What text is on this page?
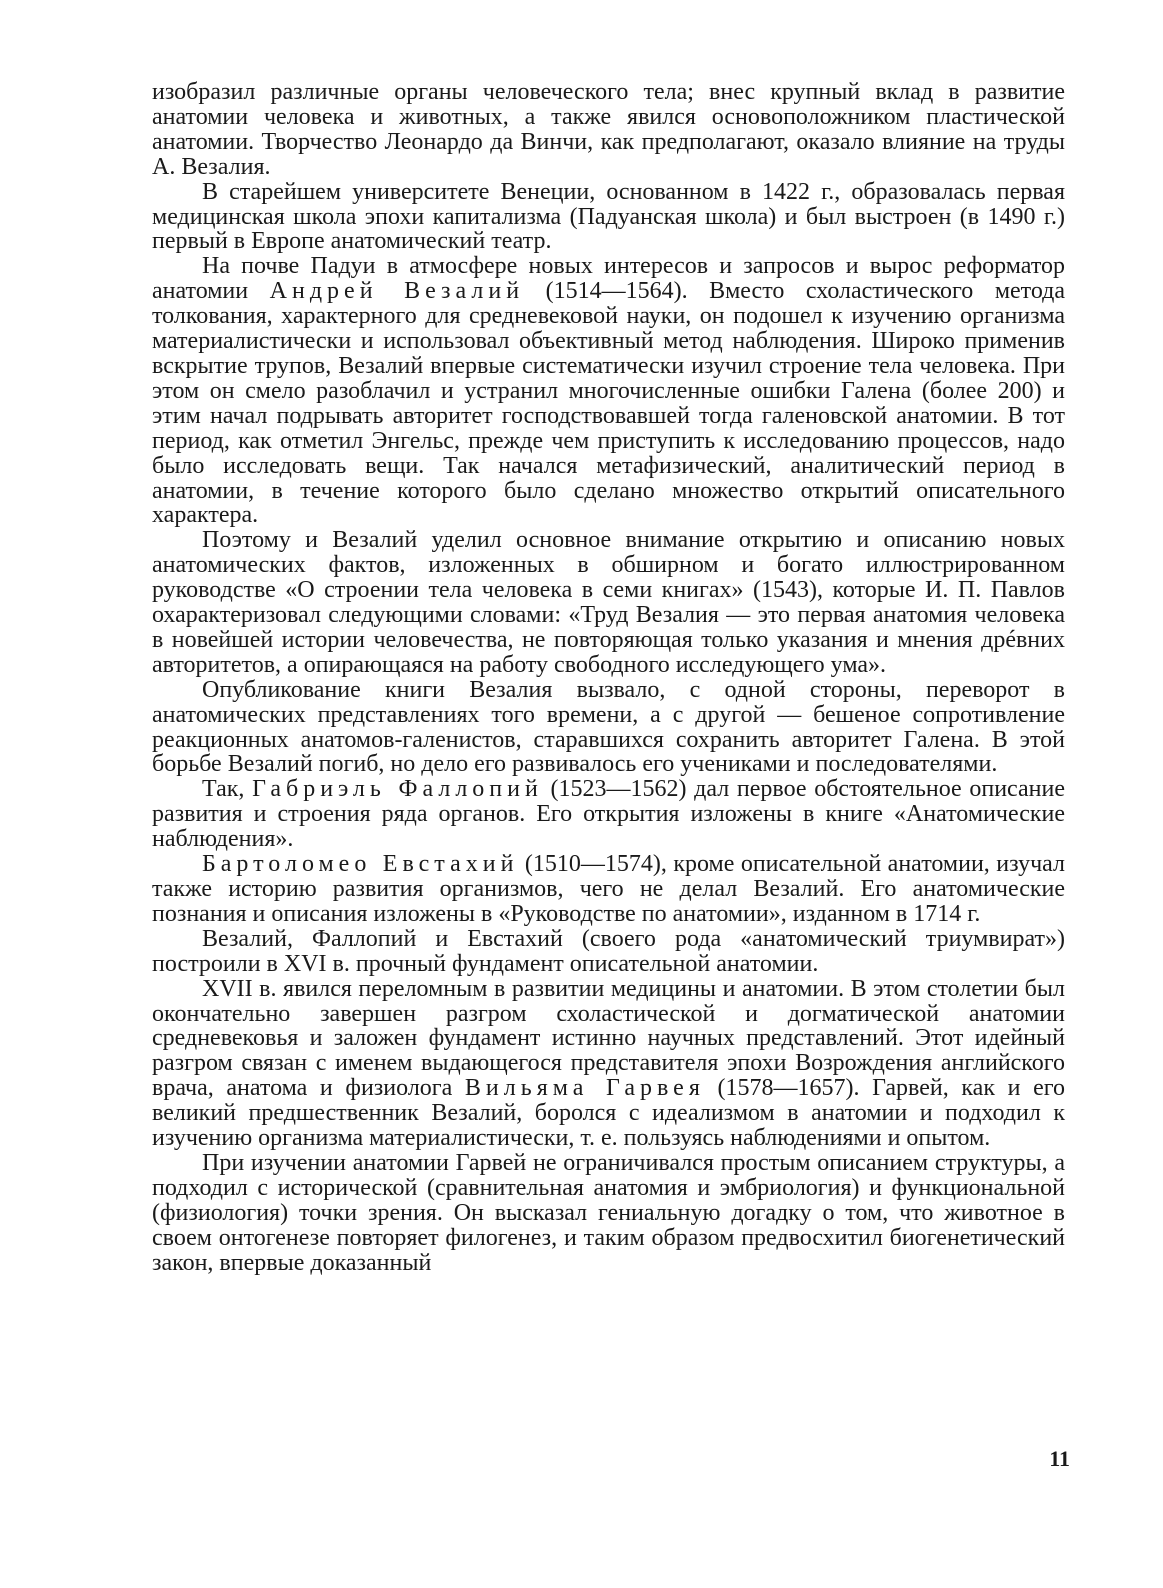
изобразил различные органы человеческого тела; внес крупный вклад в развитие анатомии человека и животных, а также явился основоположником пластической анатомии. Творчество Леонардо да Винчи, как предполагают, оказало влияние на труды А. Везалия.

В старейшем университете Венеции, основанном в 1422 г., образовалась первая медицинская школа эпохи капитализма (Падуанская школа) и был выстроен (в 1490 г.) первый в Европе анатомический театр.

На почве Падуи в атмосфере новых интересов и запросов и вырос реформатор анатомии Андрей Везалий (1514—1564). Вместо схоластического метода толкования, характерного для средневековой науки, он подошел к изучению организма материалистически и использовал объективный метод наблюдения. Широко применив вскрытие трупов, Везалий впервые систематически изучил строение тела человека. При этом он смело разоблачил и устранил многочисленные ошибки Галена (более 200) и этим начал подрывать авторитет господствовавшей тогда галеновской анатомии. В тот период, как отметил Энгельс, прежде чем приступить к исследованию процессов, надо было исследовать вещи. Так начался метафизический, аналитический период в анатомии, в течение которого было сделано множество открытий описательного характера.

Поэтому и Везалий уделил основное внимание открытию и описанию новых анатомических фактов, изложенных в обширном и богато иллюстрированном руководстве «О строении тела человека в семи книгах» (1543), которые И. П. Павлов охарактеризовал следующими словами: «Труд Везалия — это первая анатомия человека в новейшей истории человечества, не повторяющая только указания и мнения дрéвних авторитетов, а опирающаяся на работу свободного исследующего ума».

Опубликование книги Везалия вызвало, с одной стороны, переворот в анатомических представлениях того времени, а с другой — бешеное сопротивление реакционных анатомов-галенистов, старавшихся сохранить авторитет Галена. В этой борьбе Везалий погиб, но дело его развивалось его учениками и последователями.

Так, Габриэль Фаллопий (1523—1562) дал первое обстоятельное описание развития и строения ряда органов. Его открытия изложены в книге «Анатомические наблюдения».

Бартоломео Евстахий (1510—1574), кроме описательной анатомии, изучал также историю развития организмов, чего не делал Везалий. Его анатомические познания и описания изложены в «Руководстве по анатомии», изданном в 1714 г.

Везалий, Фаллопий и Евстахий (своего рода «анатомический триумвират») построили в XVI в. прочный фундамент описательной анатомии.

XVII в. явился переломным в развитии медицины и анатомии. В этом столетии был окончательно завершен разгром схоластической и догматической анатомии средневековья и заложен фундамент истинно научных представлений. Этот идейный разгром связан с именем выдающегося представителя эпохи Возрождения английского врача, анатома и физиолога Вильяма Гарвея (1578—1657). Гарвей, как и его великий предшественник Везалий, боролся с идеализмом в анатомии и подходил к изучению организма материалистически, т. е. пользуясь наблюдениями и опытом.

При изучении анатомии Гарвей не ограничивался простым описанием структуры, а подходил с исторической (сравнительная анатомия и эмбриология) и функциональной (физиология) точки зрения. Он высказал гениальную догадку о том, что животное в своем онтогенезе повторяет филогенез, и таким образом предвосхитил биогенетический закон, впервые доказанный

11
